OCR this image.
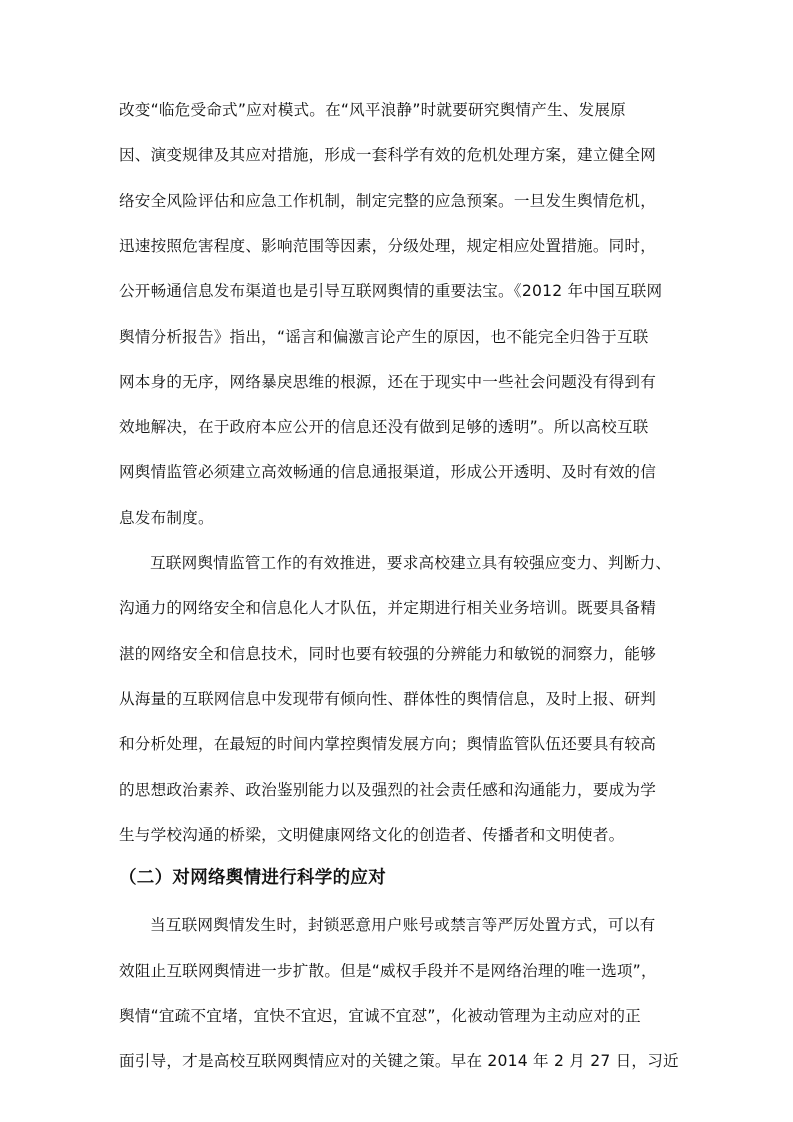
改变“临危受命式”应对模式。在“风平浪静”时就要研究舆情产生、发展原
因、演变规律及其应对措施，形成一套科学有效的危机处理方案，建立健全网
络安全风险评估和应急工作机制，制定完整的应急预案。一旦发生舆情危机，
迅速按照危害程度、影响范围等因素，分级处理，规定相应处置措施。同时，
公开畅通信息发布渠道也是引导互联网舆情的重要法宝。《2012 年中国互联网
舆情分析报告》指出，“谣言和偏激言论产生的原因，也不能完全归咎于互联
网本身的无序，网络暴戾思维的根源，还在于现实中一些社会问题没有得到有
效地解决，在于政府本应公开的信息还没有做到足够的透明”。所以高校互联
网舆情监管必须建立高效畅通的信息通报渠道，形成公开透明、及时有效的信
息发布制度。
互联网舆情监管工作的有效推进，要求高校建立具有较强应变力、判断力、
沟通力的网络安全和信息化人才队伍，并定期进行相关业务培训。既要具备精
湛的网络安全和信息技术，同时也要有较强的分辨能力和敏锐的洞察力，能够
从海量的互联网信息中发现带有倾向性、群体性的舆情信息，及时上报、研判
和分析处理，在最短的时间内掌控舆情发展方向；舆情监管队伍还要具有较高
的思想政治素养、政治鉴别能力以及强烈的社会责任感和沟通能力，要成为学
生与学校沟通的桥梁，文明健康网络文化的创造者、传播者和文明使者。
（二）对网络舆情进行科学的应对
当互联网舆情发生时，封锁恶意用户账号或禁言等严厉处置方式，可以有
效阻止互联网舆情进一步扩散。但是“威权手段并不是网络治理的唯一选项”，
舆情“宜疏不宜堵，宜快不宜迟，宜诚不宜怼”，化被动管理为主动应对的正
面引导，才是高校互联网舆情应对的关键之策。早在 2014 年 2 月 27 日，习近
